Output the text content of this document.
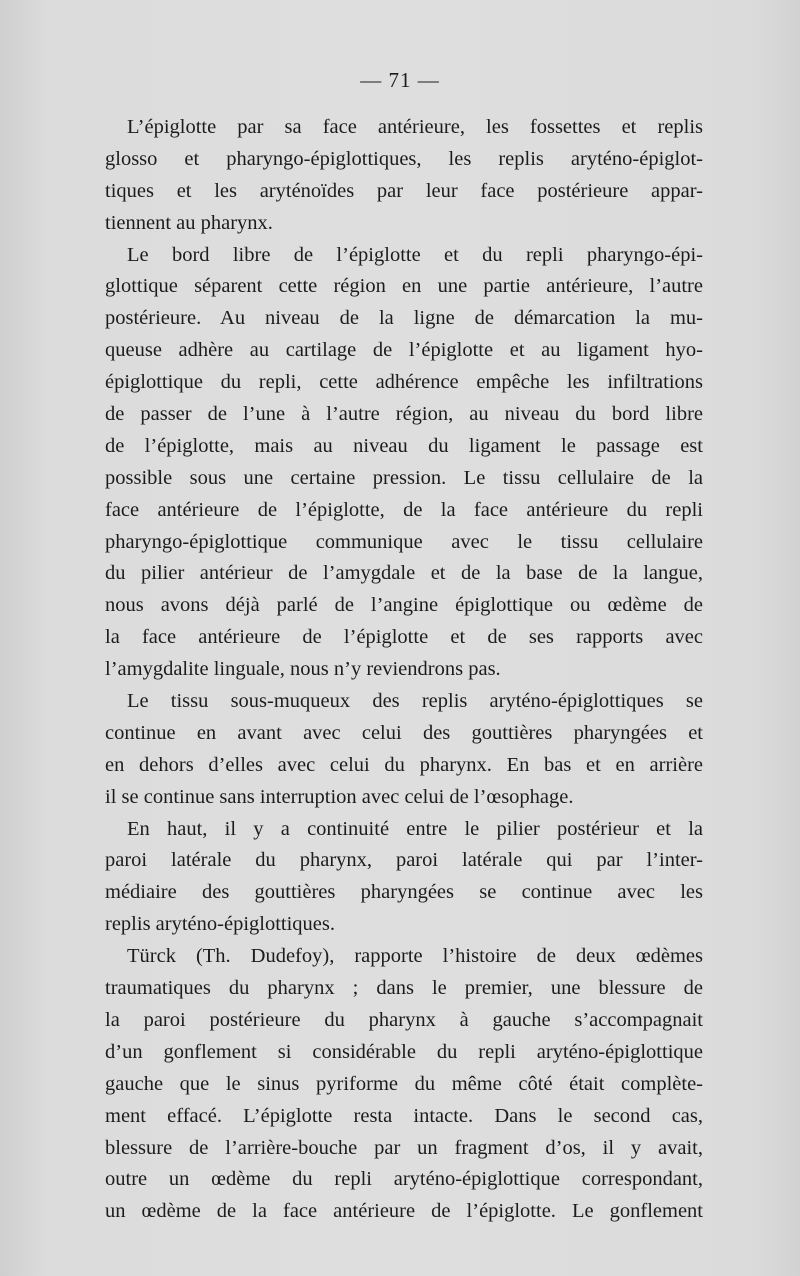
— 71 —
L’épiglotte par sa face antérieure, les fossettes et replis
glosso et pharyngo-épiglottiques, les replis aryténo-épiglot-
tiques et les aryténoïdes par leur face postérieure appar-
tiennent au pharynx.
Le bord libre de l’épiglotte et du repli pharyngo-épi-
glottique séparent cette région en une partie antérieure, l’autre
postérieure. Au niveau de la ligne de démarcation la mu-
queuse adhère au cartilage de l’épiglotte et au ligament hyo-
épiglottique du repli, cette adhérence empêche les infiltrations
de passer de l’une à l’autre région, au niveau du bord libre
de l’épiglotte, mais au niveau du ligament le passage est
possible sous une certaine pression. Le tissu cellulaire de la
face antérieure de l’épiglotte, de la face antérieure du repli
pharyngo-épiglottique communique avec le tissu cellulaire
du pilier antérieur de l’amygdale et de la base de la langue,
nous avons déjà parlé de l’angine épiglottique ou œdème de
la face antérieure de l’épiglotte et de ses rapports avec
l’amygdalite linguale, nous n’y reviendrons pas.
Le tissu sous-muqueux des replis aryténo-épiglottiques se
continue en avant avec celui des gouttières pharyngées et
en dehors d’elles avec celui du pharynx. En bas et en arrière
il se continue sans interruption avec celui de l’œsophage.
En haut, il y a continuité entre le pilier postérieur et la
paroi latérale du pharynx, paroi latérale qui par l’inter-
médiaire des gouttières pharyngées se continue avec les
replis aryténo-épiglottiques.
Türck (Th. Dudefoy), rapporte l’histoire de deux œdèmes
traumatiques du pharynx ; dans le premier, une blessure de
la paroi postérieure du pharynx à gauche s’accompagnait
d’un gonflement si considérable du repli aryténo-épiglottique
gauche que le sinus pyriforme du même côté était complète-
ment effacé. L’épiglotte resta intacte. Dans le second cas,
blessure de l’arrière-bouche par un fragment d’os, il y avait,
outre un œdème du repli aryténo-épiglottique correspondant,
un œdème de la face antérieure de l’épiglotte. Le gonflement
